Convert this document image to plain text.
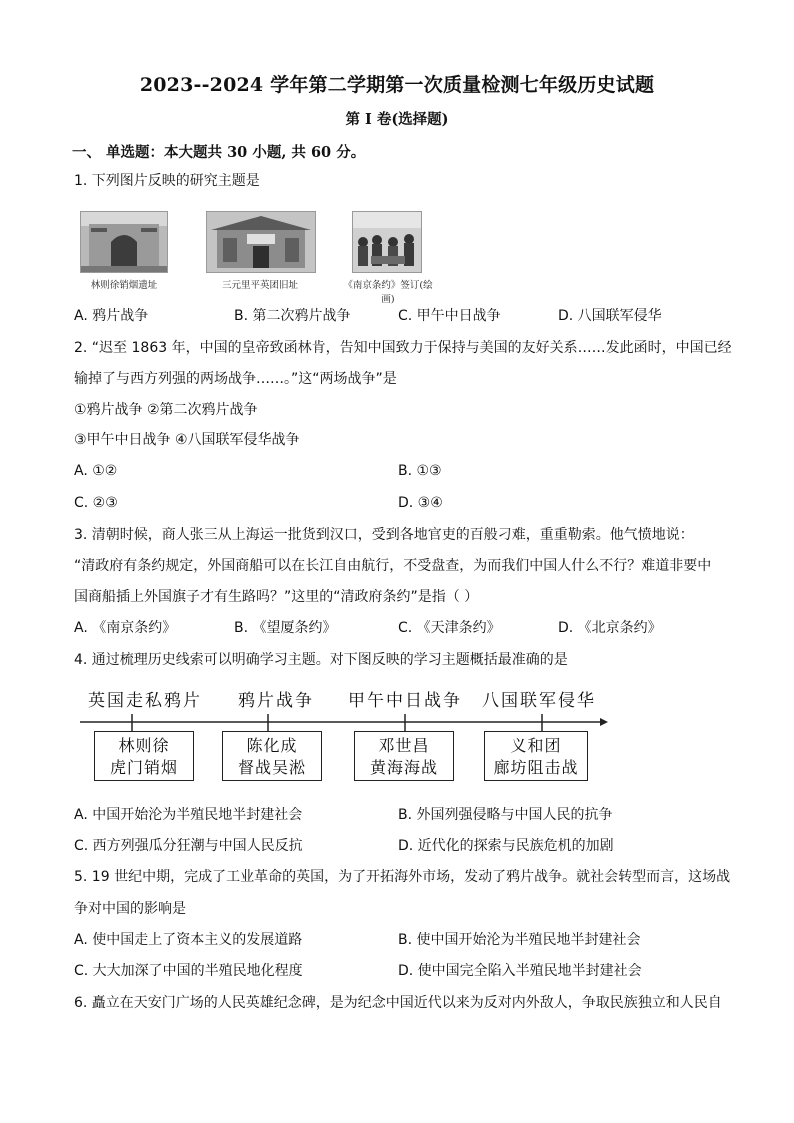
2023--2024 学年第二学期第一次质量检测七年级历史试题
第 I 卷(选择题)
一、 单选题：本大题共 30 小题, 共 60 分。
1. 下列图片反映的研究主题是
林则徐销烟遗址	三元里平英团旧址	《南京条约》签订(绘画)
A. 鸦片战争	B. 第二次鸦片战争	C. 甲午中日战争	D. 八国联军侵华
2. “迟至 1863 年，中国的皇帝致函林肯，告知中国致力于保持与美国的友好关系……发此函时，中国已经
输掉了与西方列强的两场战争……。”这“两场战争”是
①鸦片战争 ②第二次鸦片战争
③甲午中日战争 ④八国联军侵华战争
A. ①②	B. ①③
C. ②③	D. ③④
3. 清朝时候，商人张三从上海运一批货到汉口，受到各地官吏的百般刁难，重重勒索。他气愤地说：
“清政府有条约规定，外国商船可以在长江自由航行，不受盘查，为而我们中国人什么不行？难道非要中
国商船插上外国旗子才有生路吗？”这里的“清政府条约”是指（ ）
A. 《南京条约》	B. 《望厦条约》	C. 《天津条约》	D. 《北京条约》
4. 通过梳理历史线索可以明确学习主题。对下图反映的学习主题概括最准确的是
英国走私鸦片 鸦片战争 甲午中日战争 八国联军侵华
林则徐
虎门销烟
陈化成
督战吴淞
邓世昌
黄海海战
义和团
廊坊阻击战
A. 中国开始沦为半殖民地半封建社会	B. 外国列强侵略与中国人民的抗争
C. 西方列强瓜分狂潮与中国人民反抗	D. 近代化的探索与民族危机的加剧
5. 19 世纪中期，完成了工业革命的英国，为了开拓海外市场，发动了鸦片战争。就社会转型而言，这场战
争对中国的影响是
A. 使中国走上了资本主义的发展道路	B. 使中国开始沦为半殖民地半封建社会
C. 大大加深了中国的半殖民地化程度	D. 使中国完全陷入半殖民地半封建社会
6. 矗立在天安门广场的人民英雄纪念碑，是为纪念中国近代以来为反对内外敌人，争取民族独立和人民自
